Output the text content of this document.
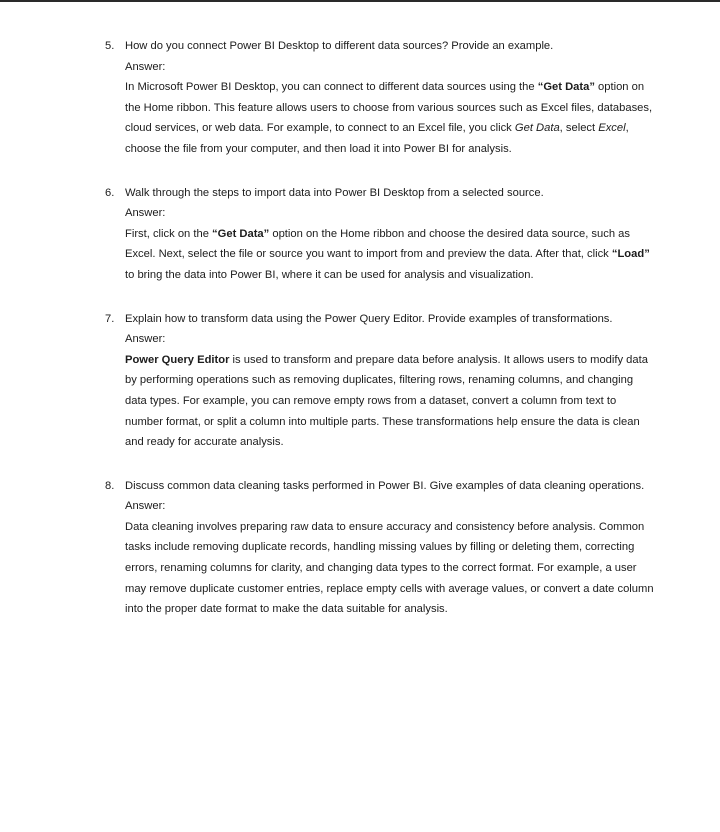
5. How do you connect Power BI Desktop to different data sources? Provide an example.

Answer:

In Microsoft Power BI Desktop, you can connect to different data sources using the “Get Data” option on the Home ribbon. This feature allows users to choose from various sources such as Excel files, databases, cloud services, or web data. For example, to connect to an Excel file, you click Get Data, select Excel, choose the file from your computer, and then load it into Power BI for analysis.

6. Walk through the steps to import data into Power BI Desktop from a selected source.

Answer:

First, click on the “Get Data” option on the Home ribbon and choose the desired data source, such as Excel. Next, select the file or source you want to import from and preview the data. After that, click “Load” to bring the data into Power BI, where it can be used for analysis and visualization.

7. Explain how to transform data using the Power Query Editor. Provide examples of transformations.

Answer:

Power Query Editor is used to transform and prepare data before analysis. It allows users to modify data by performing operations such as removing duplicates, filtering rows, renaming columns, and changing data types. For example, you can remove empty rows from a dataset, convert a column from text to number format, or split a column into multiple parts. These transformations help ensure the data is clean and ready for accurate analysis.

8. Discuss common data cleaning tasks performed in Power BI. Give examples of data cleaning operations.

Answer:

Data cleaning involves preparing raw data to ensure accuracy and consistency before analysis. Common tasks include removing duplicate records, handling missing values by filling or deleting them, correcting errors, renaming columns for clarity, and changing data types to the correct format. For example, a user may remove duplicate customer entries, replace empty cells with average values, or convert a date column into the proper date format to make the data suitable for analysis.
